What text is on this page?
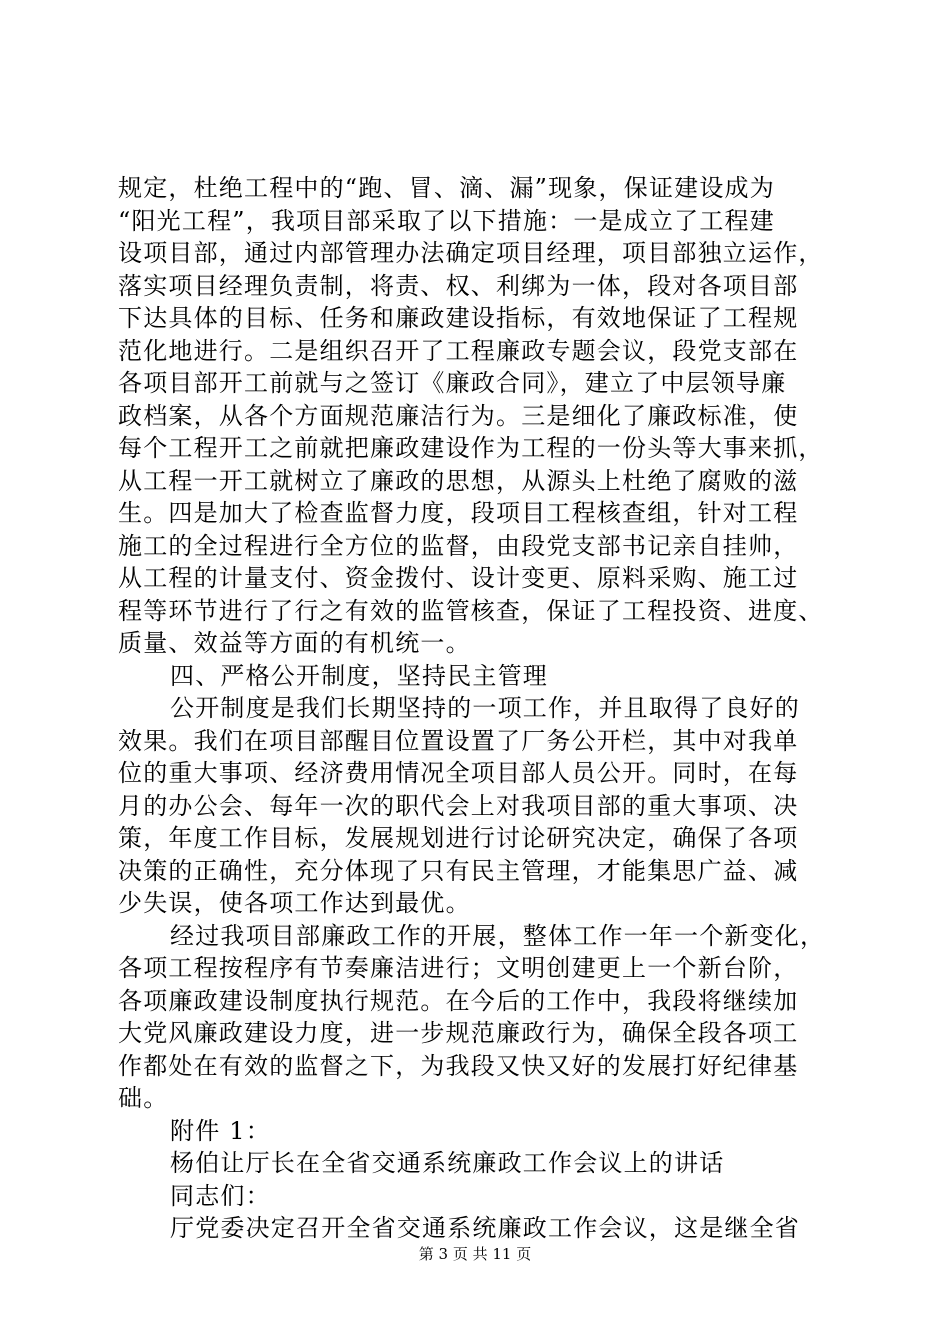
规定，杜绝工程中的“跑、冒、滴、漏”现象，保证建设成为
“阳光工程”，我项目部采取了以下措施：一是成立了工程建
设项目部，通过内部管理办法确定项目经理，项目部独立运作，
落实项目经理负责制，将责、权、利绑为一体，段对各项目部
下达具体的目标、任务和廉政建设指标，有效地保证了工程规
范化地进行。二是组织召开了工程廉政专题会议，段党支部在
各项目部开工前就与之签订《廉政合同》，建立了中层领导廉
政档案，从各个方面规范廉洁行为。三是细化了廉政标准，使
每个工程开工之前就把廉政建设作为工程的一份头等大事来抓，
从工程一开工就树立了廉政的思想，从源头上杜绝了腐败的滋
生。四是加大了检查监督力度，段项目工程核查组，针对工程
施工的全过程进行全方位的监督，由段党支部书记亲自挂帅，
从工程的计量支付、资金拨付、设计变更、原料采购、施工过
程等环节进行了行之有效的监管核查，保证了工程投资、进度、
质量、效益等方面的有机统一。
四、严格公开制度，坚持民主管理
公开制度是我们长期坚持的一项工作，并且取得了良好的
效果。我们在项目部醒目位置设置了厂务公开栏，其中对我单
位的重大事项、经济费用情况全项目部人员公开。同时，在每
月的办公会、每年一次的职代会上对我项目部的重大事项、决
策，年度工作目标，发展规划进行讨论研究决定，确保了各项
决策的正确性，充分体现了只有民主管理，才能集思广益、减
少失误，使各项工作达到最优。
经过我项目部廉政工作的开展，整体工作一年一个新变化，
各项工程按程序有节奏廉洁进行；文明创建更上一个新台阶，
各项廉政建设制度执行规范。在今后的工作中，我段将继续加
大党风廉政建设力度，进一步规范廉政行为，确保全段各项工
作都处在有效的监督之下，为我段又快又好的发展打好纪律基
础。
附件 1：
杨伯让厅长在全省交通系统廉政工作会议上的讲话
同志们：
厅党委决定召开全省交通系统廉政工作会议，这是继全省
第 3 页 共 11 页
